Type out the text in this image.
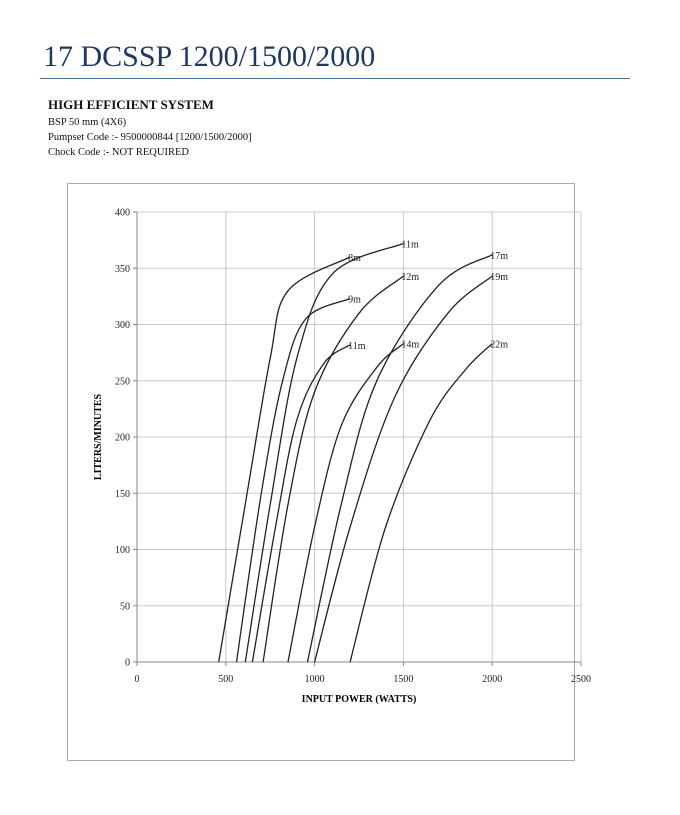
17 DCSSP 1200/1500/2000
HIGH EFFICIENT SYSTEM
BSP 50 mm (4X6)
Pumpset Code :- 9500000844 [1200/1500/2000]
Chock Code :- NOT REQUIRED
0
50
100
150
200
250
300
350
400
0	500	1000	1500	2000	2500
8m
9m
11m
11m
12m
14m
17m
19m
22m
INPUT POWER (WATTS)
LITERS/MINUTES
